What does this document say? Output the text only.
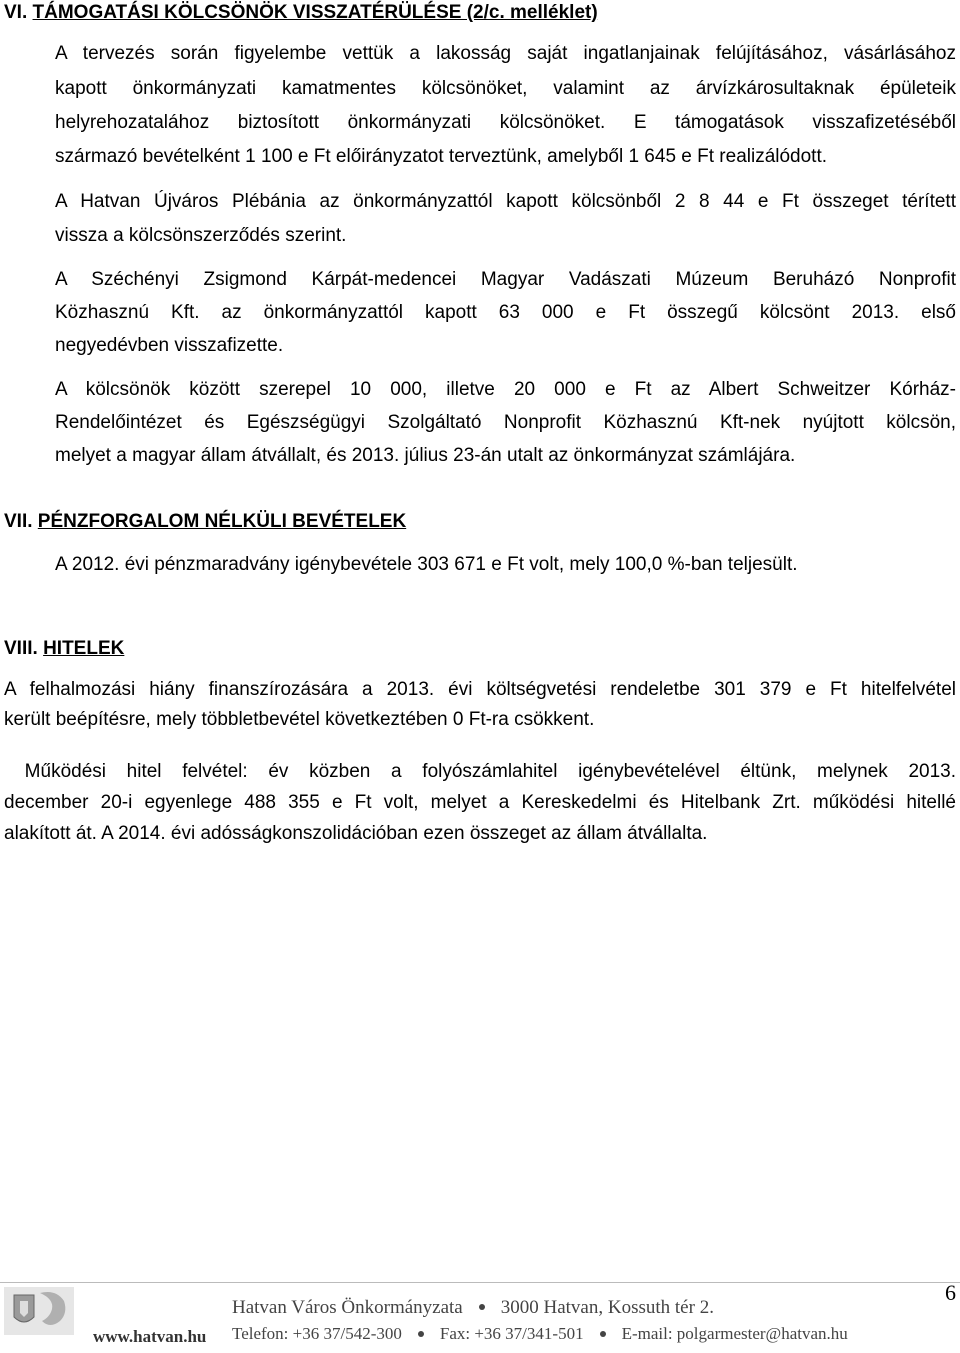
VI. TÁMOGATÁSI KÖLCSÖNÖK VISSZATÉRÜLÉSE (2/c. melléklet)
A tervezés során figyelembe vettük a lakosság saját ingatlanjainak felújításához, vásárlásához
kapott önkormányzati kamatmentes kölcsönöket, valamint az árvízkárosultaknak épületeik
helyrehozatalához biztosított önkormányzati kölcsönöket. E támogatások visszafizetéséből
származó bevételként 1 100 e Ft előirányzatot terveztünk, amelyből 1 645 e Ft realizálódott.
A Hatvan Újváros Plébánia az önkormányzattól kapott kölcsönből 2 8 44 e Ft összeget térített
vissza a kölcsönszerződés szerint.
A Széchényi Zsigmond Kárpát-medencei Magyar Vadászati Múzeum Beruházó Nonprofit
Közhasznú Kft. az önkormányzattól kapott 63 000 e Ft összegű kölcsönt 2013. első
negyedévben visszafizette.
A kölcsönök között szerepel 10 000, illetve 20 000 e Ft az Albert Schweitzer Kórház-
Rendelőintézet és Egészségügyi Szolgáltató Nonprofit Közhasznú Kft-nek nyújtott kölcsön,
melyet a magyar állam átvállalt, és 2013. július 23-án utalt az önkormányzat számlájára.
VII. PÉNZFORGALOM NÉLKÜLI BEVÉTELEK
A 2012. évi pénzmaradvány igénybevétele 303 671 e Ft volt, mely 100,0 %-ban teljesült.
VIII. HITELEK
A felhalmozási hiány finanszírozására a 2013. évi költségvetési rendeletbe 301 379 e Ft hitelfelvétel
került beépítésre, mely többletbevétel következtében 0 Ft-ra csökkent.
Működési hitel felvétel: év közben a folyószámlahitel igénybevételével éltünk, melynek 2013.
december 20-i egyenlege 488 355 e Ft volt, melyet a Kereskedelmi és Hitelbank Zrt. működési hitellé
alakított át. A 2014. évi adósságkonszolidációban ezen összeget az állam átvállalta.
6
www.hatvan.hu
Hatvan Város Önkormányzata 3000 Hatvan, Kossuth tér 2.
Telefon: +36 37/542-300 Fax: +36 37/341-501 E-mail: polgarmester@hatvan.hu
